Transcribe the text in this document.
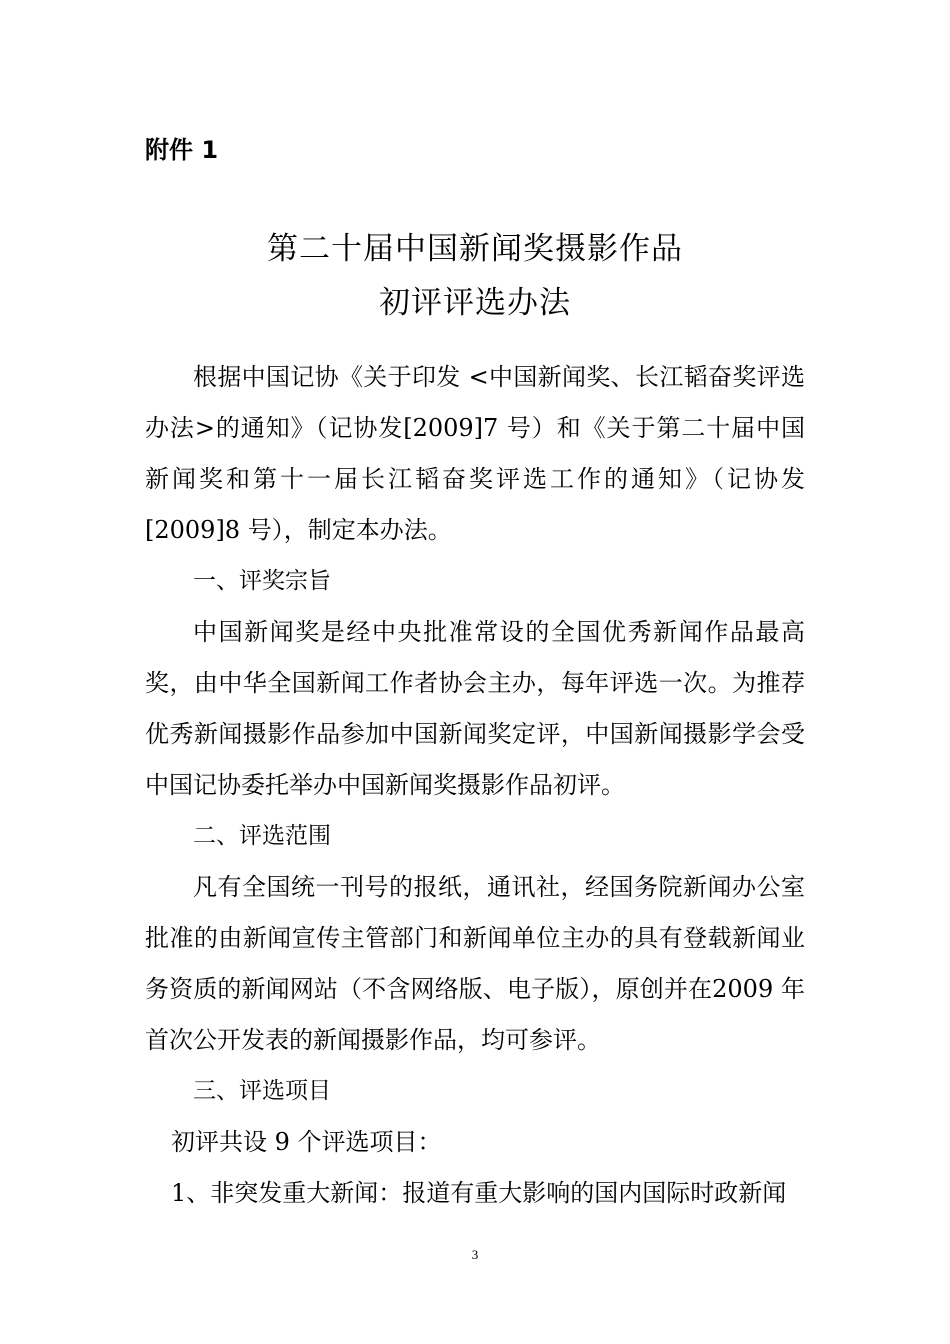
附件 1
第二十届中国新闻奖摄影作品
初评评选办法

根据中国记协《关于印发 <中国新闻奖、长江韬奋奖评选办法>的通知》（记协发[2009]7 号）和《关于第二十届中国新闻奖和第十一届长江韬奋奖评选工作的通知》（记协发[2009]8 号），制定本办法。

一、评奖宗旨

中国新闻奖是经中央批准常设的全国优秀新闻作品最高奖，由中华全国新闻工作者协会主办，每年评选一次。为推荐优秀新闻摄影作品参加中国新闻奖定评，中国新闻摄影学会受中国记协委托举办中国新闻奖摄影作品初评。

二、评选范围

凡有全国统一刊号的报纸，通讯社，经国务院新闻办公室批准的由新闻宣传主管部门和新闻单位主办的具有登载新闻业务资质的新闻网站（不含网络版、电子版），原创并在2009 年首次公开发表的新闻摄影作品，均可参评。

三、评选项目

初评共设 9 个评选项目：

1、非突发重大新闻：报道有重大影响的国内国际时政新闻

3
